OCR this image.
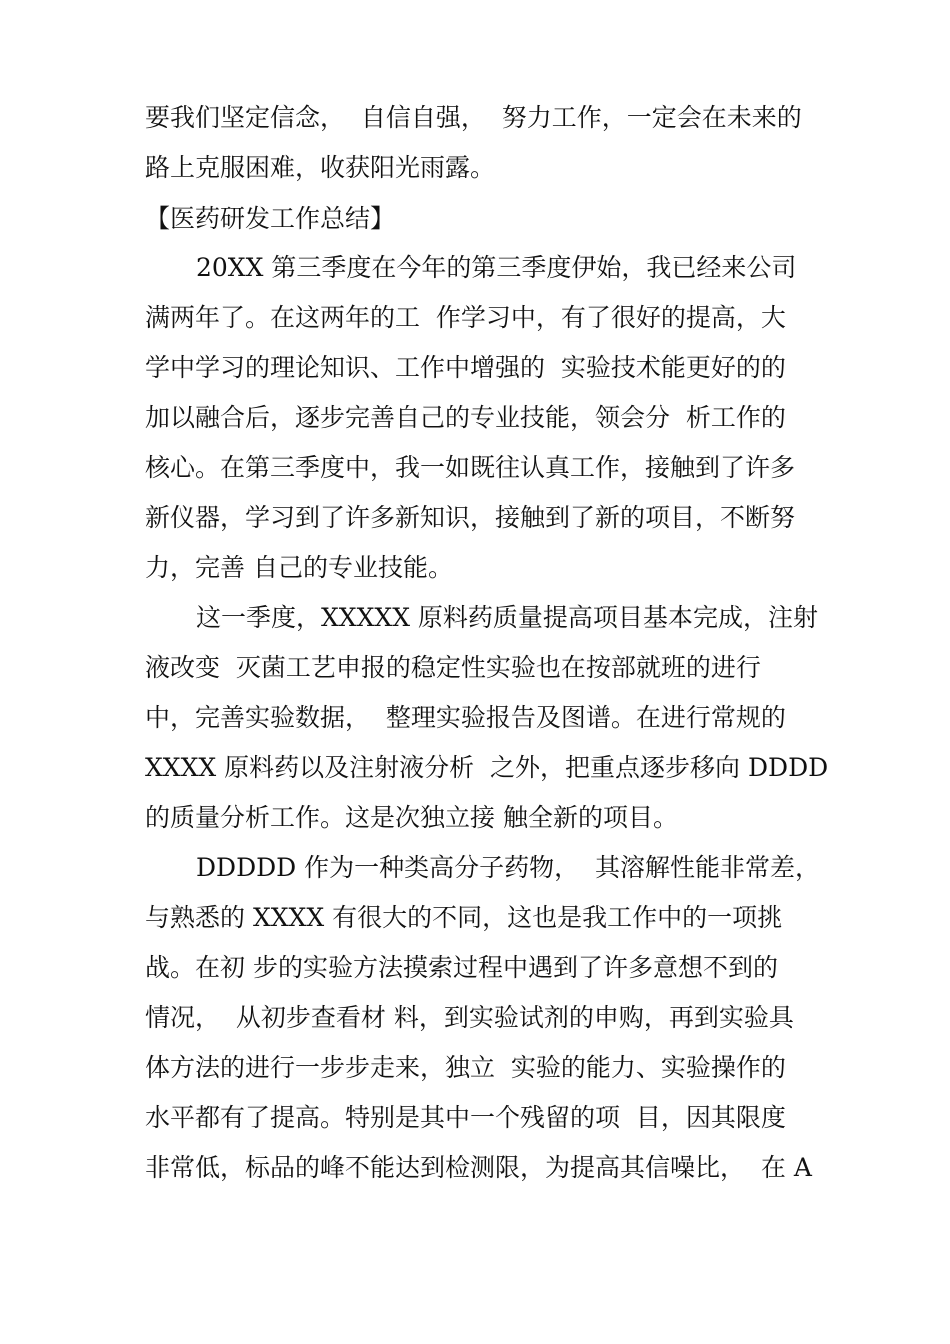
要我们坚定信念，  自信自强，  努力工作，一定会在未来的
路上克服困难，收获阳光雨露。
【医药研发工作总结】
20XX 第三季度在今年的第三季度伊始，我已经来公司
满两年了。在这两年的工  作学习中，有了很好的提高，大
学中学习的理论知识、工作中增强的  实验技术能更好的的
加以融合后，逐步完善自己的专业技能，领会分  析工作的
核心。在第三季度中，我一如既往认真工作，接触到了许多
新仪器，学习到了许多新知识，接触到了新的项目，不断努
力，完善 自己的专业技能。
这一季度，XXXXX 原料药质量提高项目基本完成，注射
液改变  灭菌工艺申报的稳定性实验也在按部就班的进行
中，完善实验数据，  整理实验报告及图谱。在进行常规的
XXXX 原料药以及注射液分析  之外，把重点逐步移向 DDDD
的质量分析工作。这是次独立接 触全新的项目。
DDDDD 作为一种类高分子药物，  其溶解性能非常差，
与熟悉的 XXXX 有很大的不同，这也是我工作中的一项挑
战。在初 步的实验方法摸索过程中遇到了许多意想不到的
情况，  从初步查看材 料，到实验试剂的申购，再到实验具
体方法的进行一步步走来，独立  实验的能力、实验操作的
水平都有了提高。特别是其中一个残留的项  目，因其限度
非常低，标品的峰不能达到检测限，为提高其信噪比，  在 A
